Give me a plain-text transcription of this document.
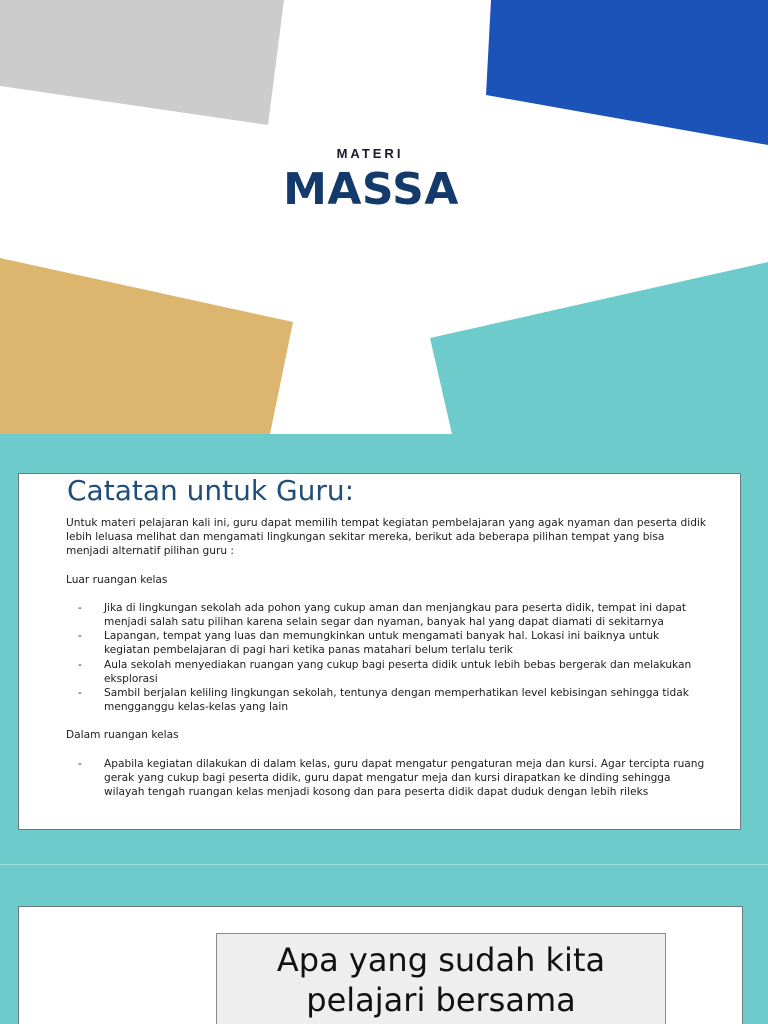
MATERI
MASSA
Catatan untuk Guru:

Untuk materi pelajaran kali ini, guru dapat memilih tempat kegiatan pembelajaran yang agak nyaman dan peserta didik lebih leluasa melihat dan mengamati lingkungan sekitar mereka, berikut ada beberapa pilihan tempat yang bisa menjadi alternatif pilihan guru :

Luar ruangan kelas

- Jika di lingkungan sekolah ada pohon yang cukup aman dan menjangkau para peserta didik, tempat ini dapat menjadi salah satu pilihan karena selain segar dan nyaman, banyak hal yang dapat diamati di sekitarnya
- Lapangan, tempat yang luas dan memungkinkan untuk mengamati banyak hal. Lokasi ini baiknya untuk kegiatan pembelajaran di pagi hari ketika panas matahari belum terlalu terik
- Aula sekolah menyediakan ruangan yang cukup bagi peserta didik untuk lebih bebas bergerak dan melakukan eksplorasi
- Sambil berjalan keliling lingkungan sekolah, tentunya dengan memperhatikan level kebisingan sehingga tidak mengganggu kelas-kelas yang lain

Dalam ruangan kelas

- Apabila kegiatan dilakukan di dalam kelas, guru dapat mengatur pengaturan meja dan kursi. Agar tercipta ruang gerak yang cukup bagi peserta didik, guru dapat mengatur meja dan kursi dirapatkan ke dinding sehingga wilayah tengah ruangan kelas menjadi kosong dan para peserta didik dapat duduk dengan lebih rileks
Apa yang sudah kita
pelajari bersama
